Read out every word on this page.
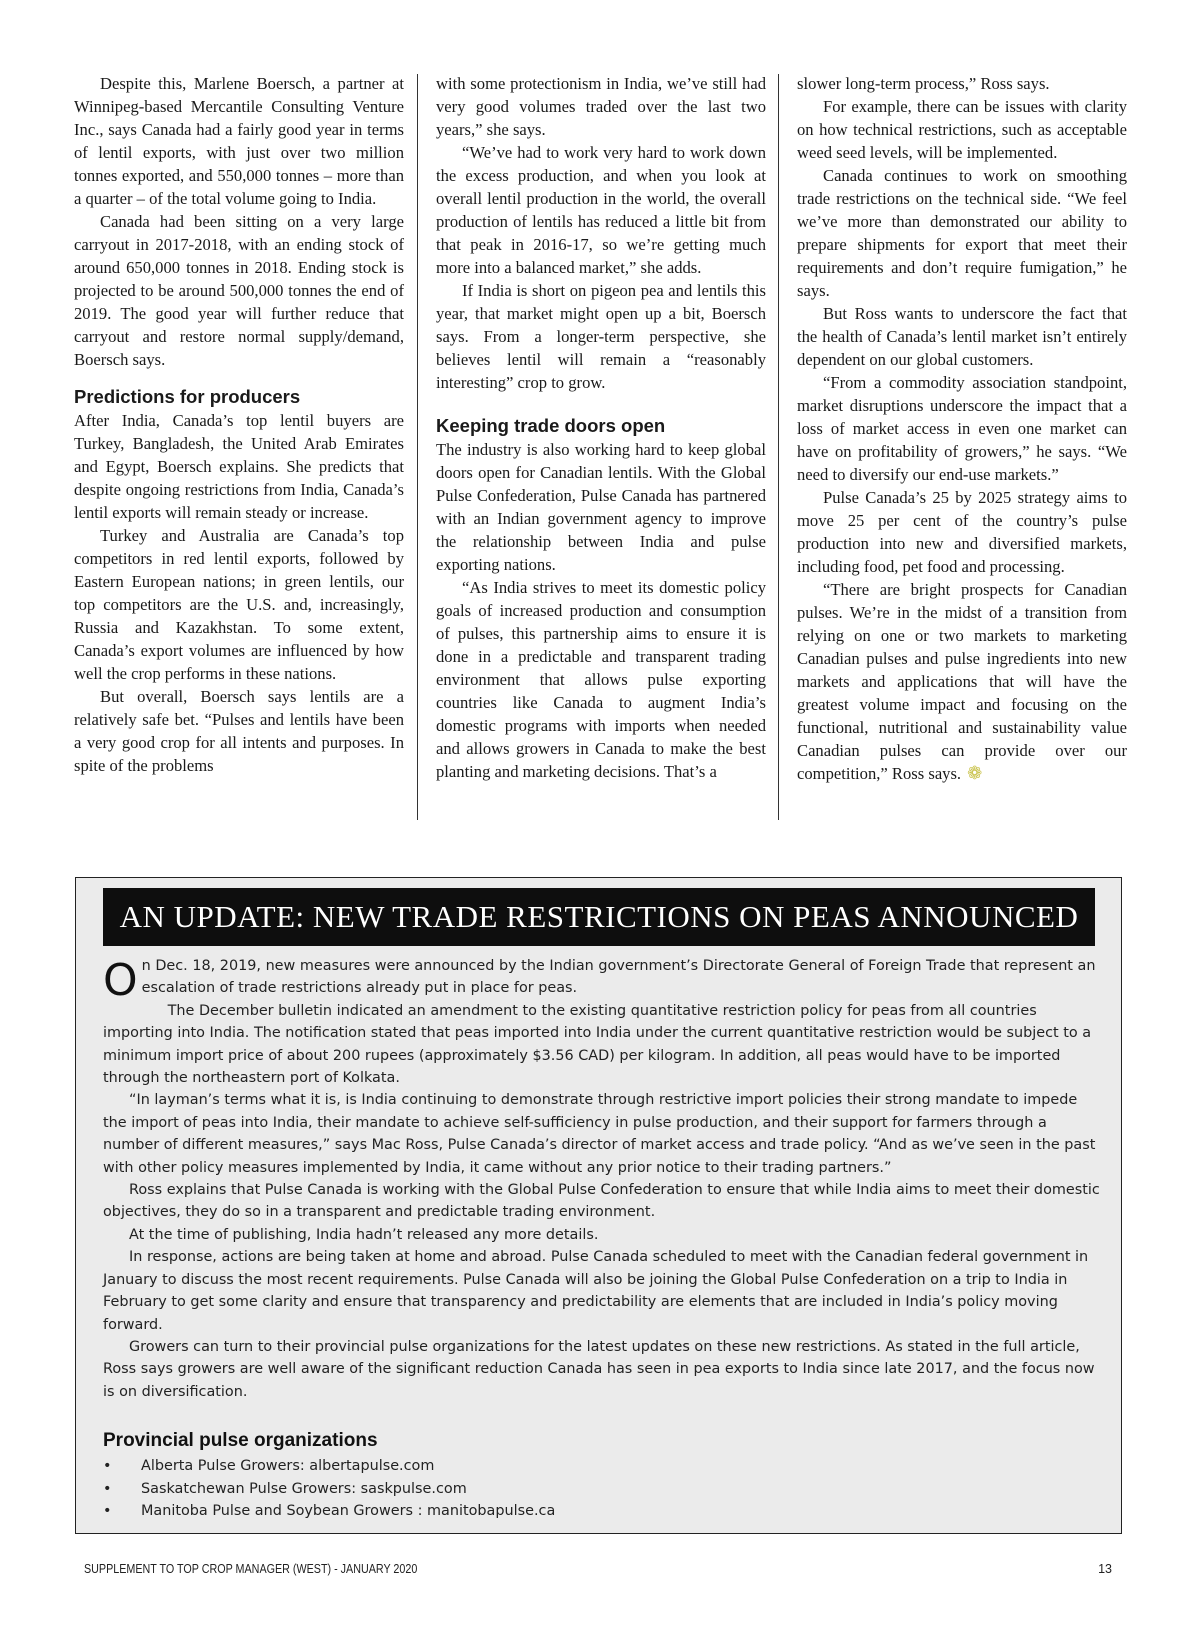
Despite this, Marlene Boersch, a partner at Winnipeg-based Mercantile Consulting Venture Inc., says Canada had a fairly good year in terms of lentil exports, with just over two million tonnes exported, and 550,000 tonnes – more than a quarter – of the total volume going to India.

Canada had been sitting on a very large carryout in 2017-2018, with an ending stock of around 650,000 tonnes in 2018. Ending stock is projected to be around 500,000 tonnes the end of 2019. The good year will further reduce that carryout and restore normal supply/demand, Boersch says.

Predictions for producers

After India, Canada’s top lentil buyers are Turkey, Bangladesh, the United Arab Emirates and Egypt, Boersch explains. She predicts that despite ongoing restrictions from India, Canada’s lentil exports will remain steady or increase.

Turkey and Australia are Canada’s top competitors in red lentil exports, followed by Eastern European nations; in green lentils, our top competitors are the U.S. and, increasingly, Russia and Kazakhstan. To some extent, Canada’s export volumes are influenced by how well the crop performs in these nations.

But overall, Boersch says lentils are a relatively safe bet. “Pulses and lentils have been a very good crop for all intents and purposes. In spite of the problems

with some protectionism in India, we’ve still had very good volumes traded over the last two years,” she says.

“We’ve had to work very hard to work down the excess production, and when you look at overall lentil production in the world, the overall production of lentils has reduced a little bit from that peak in 2016-17, so we’re getting much more into a balanced market,” she adds.

If India is short on pigeon pea and lentils this year, that market might open up a bit, Boersch says. From a longer-term perspective, she believes lentil will remain a “reasonably interesting” crop to grow.

Keeping trade doors open

The industry is also working hard to keep global doors open for Canadian lentils. With the Global Pulse Confederation, Pulse Canada has partnered with an Indian government agency to improve the relationship between India and pulse exporting nations.

“As India strives to meet its domestic policy goals of increased production and consumption of pulses, this partnership aims to ensure it is done in a predictable and transparent trading environment that allows pulse exporting countries like Canada to augment India’s domestic programs with imports when needed and allows growers in Canada to make the best planting and marketing decisions. That’s a

slower long-term process,” Ross says.

For example, there can be issues with clarity on how technical restrictions, such as acceptable weed seed levels, will be implemented.

Canada continues to work on smoothing trade restrictions on the technical side. “We feel we’ve more than demonstrated our ability to prepare shipments for export that meet their requirements and don’t require fumigation,” he says.

But Ross wants to underscore the fact that the health of Canada’s lentil market isn’t entirely dependent on our global customers.

“From a commodity association standpoint, market disruptions underscore the impact that a loss of market access in even one market can have on profitability of growers,” he says. “We need to diversify our end-use markets.”

Pulse Canada’s 25 by 2025 strategy aims to move 25 per cent of the country’s pulse production into new and diversified markets, including food, pet food and processing.

“There are bright prospects for Canadian pulses. We’re in the midst of a transition from relying on one or two markets to marketing Canadian pulses and pulse ingredients into new markets and applications that will have the greatest volume impact and focusing on the functional, nutritional and sustainability value Canadian pulses can provide over our competition,” Ross says. ❁

AN UPDATE: NEW TRADE RESTRICTIONS ON PEAS ANNOUNCED

On Dec. 18, 2019, new measures were announced by the Indian government’s Directorate General of Foreign Trade that represent an escalation of trade restrictions already put in place for peas.

The December bulletin indicated an amendment to the existing quantitative restriction policy for peas from all countries importing into India. The notification stated that peas imported into India under the current quantitative restriction would be subject to a minimum import price of about 200 rupees (approximately $3.56 CAD) per kilogram. In addition, all peas would have to be imported through the northeastern port of Kolkata.

“In layman’s terms what it is, is India continuing to demonstrate through restrictive import policies their strong mandate to impede the import of peas into India, their mandate to achieve self-sufficiency in pulse production, and their support for farmers through a number of different measures,” says Mac Ross, Pulse Canada’s director of market access and trade policy. “And as we’ve seen in the past with other policy measures implemented by India, it came without any prior notice to their trading partners.”

Ross explains that Pulse Canada is working with the Global Pulse Confederation to ensure that while India aims to meet their domestic objectives, they do so in a transparent and predictable trading environment.

At the time of publishing, India hadn’t released any more details.

In response, actions are being taken at home and abroad. Pulse Canada scheduled to meet with the Canadian federal government in January to discuss the most recent requirements. Pulse Canada will also be joining the Global Pulse Confederation on a trip to India in February to get some clarity and ensure that transparency and predictability are elements that are included in India’s policy moving forward.

Growers can turn to their provincial pulse organizations for the latest updates on these new restrictions. As stated in the full article, Ross says growers are well aware of the significant reduction Canada has seen in pea exports to India since late 2017, and the focus now is on diversification.

Provincial pulse organizations
• Alberta Pulse Growers: albertapulse.com
• Saskatchewan Pulse Growers: saskpulse.com
• Manitoba Pulse and Soybean Growers : manitobapulse.ca
SUPPLEMENT TO TOP CROP MANAGER (WEST) - JANUARY 2020	13
